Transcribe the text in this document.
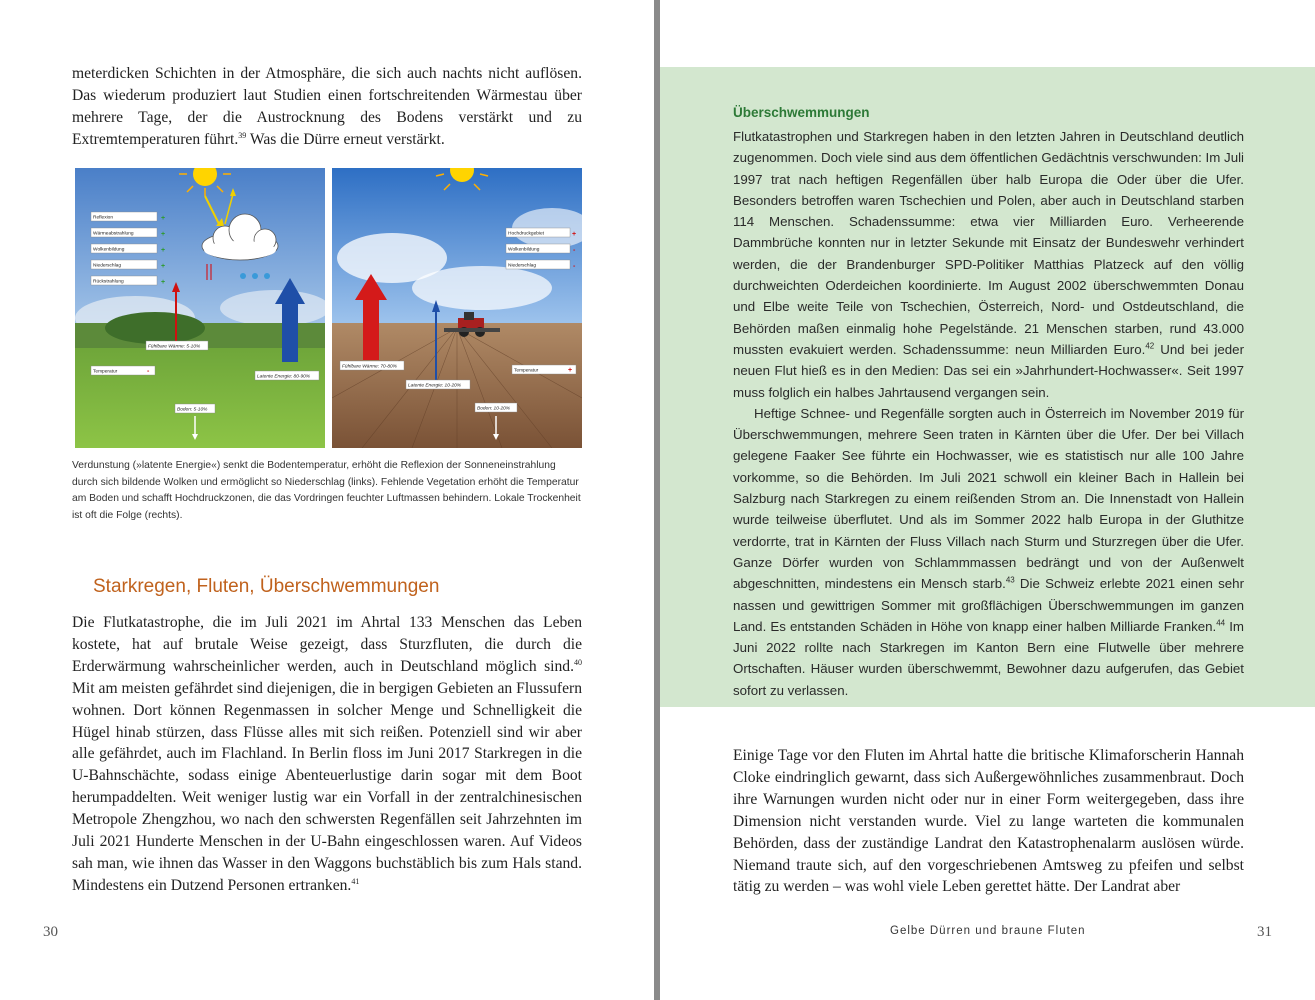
meterdicken Schichten in der Atmosphäre, die sich auch nachts nicht auflösen. Das wiederum produziert laut Studien einen fortschreitenden Wärmestau über mehrere Tage, der die Austrocknung des Bodens verstärkt und zu Extremtemperaturen führt.$^{39}$ Was die Dürre erneut verstärkt.

Reflexion
Wärmeabstrahlung
Wolkenbildung
Niederschlag
Rückstrahlung
+
+
+
+
+
Fühlbare Wärme: 5-10%
Temperatur	-
Latente Energie: 80-90%
Boden: 5-10%
Hochdruckgebiet
Wolkenbildung
Niederschlag
+
-
-
Fühlbare Wärme: 70-80%
Latente Energie: 10-20%
Temperatur	+
Boden: 10-20%

Verdunstung (»latente Energie«) senkt die Bodentemperatur, erhöht die Reflexion der Sonneneinstrahlung durch sich bildende Wolken und ermöglicht so Niederschlag (links). Fehlende Vegetation erhöht die Temperatur am Boden und schafft Hochdruckzonen, die das Vordringen feuchter Luftmassen behindern. Lokale Trockenheit ist oft die Folge (rechts).

Starkregen, Fluten, Überschwemmungen

Die Flutkatastrophe, die im Juli 2021 im Ahrtal 133 Menschen das Leben kostete, hat auf brutale Weise gezeigt, dass Sturzfluten, die durch die Erderwärmung wahrscheinlicher werden, auch in Deutschland möglich sind.$^{40}$ Mit am meisten gefährdet sind diejenigen, die in bergigen Gebieten an Flussufern wohnen. Dort können Regenmassen in solcher Menge und Schnelligkeit die Hügel hinab stürzen, dass Flüsse alles mit sich reißen. Potenziell sind wir aber alle gefährdet, auch im Flachland. In Berlin floss im Juni 2017 Starkregen in die U-Bahnschächte, sodass einige Abenteuerlustige darin sogar mit dem Boot herumpaddelten. Weit weniger lustig war ein Vorfall in der zentralchinesischen Metropole Zhengzhou, wo nach den schwersten Regenfällen seit Jahrzehnten im Juli 2021 Hunderte Menschen in der U-Bahn eingeschlossen waren. Auf Videos sah man, wie ihnen das Wasser in den Waggons buchstäblich bis zum Hals stand. Mindestens ein Dutzend Personen ertranken.$^{41}$

30
Überschwemmungen

Flutkatastrophen und Starkregen haben in den letzten Jahren in Deutschland deutlich zugenommen. Doch viele sind aus dem öffentlichen Gedächtnis verschwunden: Im Juli 1997 trat nach heftigen Regenfällen über halb Europa die Oder über die Ufer. Besonders betroffen waren Tschechien und Polen, aber auch in Deutschland starben 114 Menschen. Schadenssumme: etwa vier Milliarden Euro. Verheerende Dammbrüche konnten nur in letzter Sekunde mit Einsatz der Bundeswehr verhindert werden, die der Brandenburger SPD-Politiker Matthias Platzeck auf den völlig durchweichten Oderdeichen koordinierte. Im August 2002 überschwemmten Donau und Elbe weite Teile von Tschechien, Österreich, Nord- und Ostdeutschland, die Behörden maßen einmalig hohe Pegelstände. 21 Menschen starben, rund 43.000 mussten evakuiert werden. Schadenssumme: neun Milliarden Euro.$^{42}$ Und bei jeder neuen Flut hieß es in den Medien: Das sei ein »Jahrhundert-Hochwasser«. Seit 1997 muss folglich ein halbes Jahrtausend vergangen sein.

Heftige Schnee- und Regenfälle sorgten auch in Österreich im November 2019 für Überschwemmungen, mehrere Seen traten in Kärnten über die Ufer. Der bei Villach gelegene Faaker See führte ein Hochwasser, wie es statistisch nur alle 100 Jahre vorkomme, so die Behörden. Im Juli 2021 schwoll ein kleiner Bach in Hallein bei Salzburg nach Starkregen zu einem reißenden Strom an. Die Innenstadt von Hallein wurde teilweise überflutet. Und als im Sommer 2022 halb Europa in der Gluthitze verdorrte, trat in Kärnten der Fluss Villach nach Sturm und Sturzregen über die Ufer. Ganze Dörfer wurden von Schlammmassen bedrängt und von der Außenwelt abgeschnitten, mindestens ein Mensch starb.$^{43}$ Die Schweiz erlebte 2021 einen sehr nassen und gewittrigen Sommer mit großflächigen Überschwemmungen im ganzen Land. Es entstanden Schäden in Höhe von knapp einer halben Milliarde Franken.$^{44}$ Im Juni 2022 rollte nach Starkregen im Kanton Bern eine Flutwelle über mehrere Ortschaften. Häuser wurden überschwemmt, Bewohner dazu aufgerufen, das Gebiet sofort zu verlassen.

Einige Tage vor den Fluten im Ahrtal hatte die britische Klimaforscherin Hannah Cloke eindringlich gewarnt, dass sich Außergewöhnliches zusammenbraut. Doch ihre Warnungen wurden nicht oder nur in einer Form weitergegeben, dass ihre Dimension nicht verstanden wurde. Viel zu lange warteten die kommunalen Behörden, dass der zuständige Landrat den Katastrophenalarm auslösen würde. Niemand traute sich, auf den vorgeschriebenen Amtsweg zu pfeifen und selbst tätig zu werden – was wohl viele Leben gerettet hätte. Der Landrat aber

Gelbe Dürren und braune Fluten	31
